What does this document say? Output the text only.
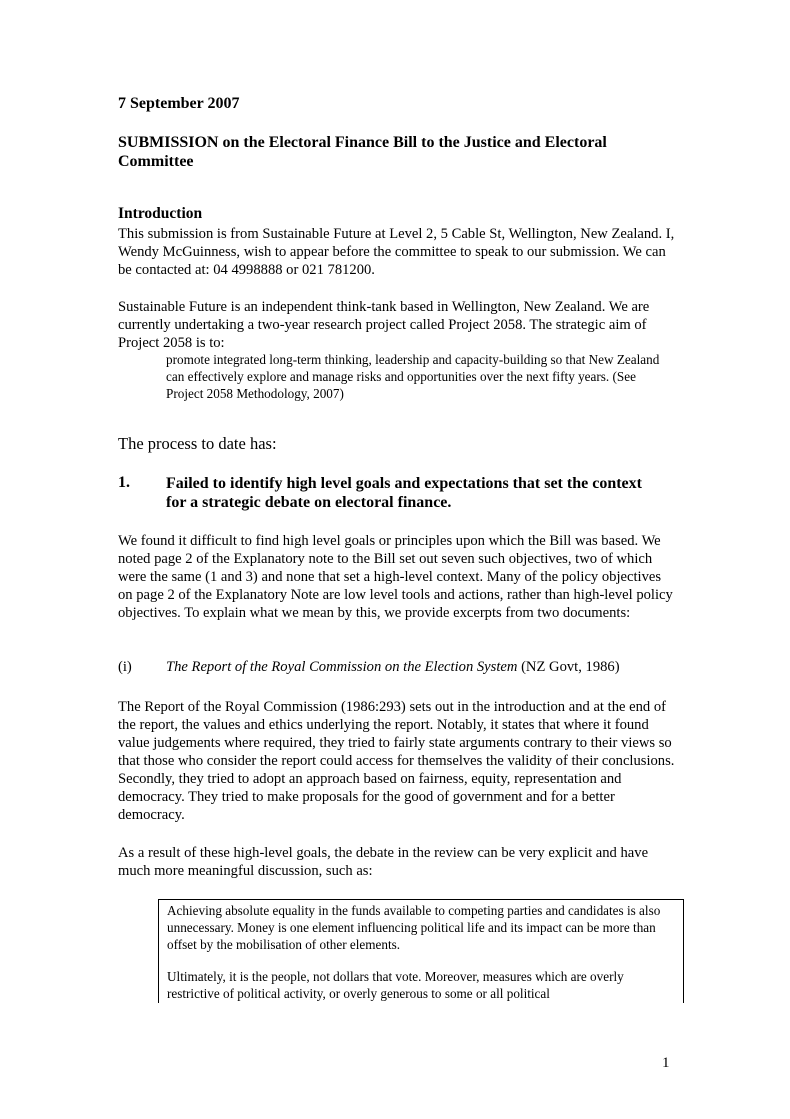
7 September 2007
SUBMISSION on the Electoral Finance Bill to the Justice and Electoral Committee
Introduction
This submission is from Sustainable Future at Level 2, 5 Cable St, Wellington, New Zealand. I, Wendy McGuinness, wish to appear before the committee to speak to our submission. We can be contacted at: 04 4998888 or 021 781200.
Sustainable Future is an independent think-tank based in Wellington, New Zealand. We are currently undertaking a two-year research project called Project 2058. The strategic aim of Project 2058 is to:
promote integrated long-term thinking, leadership and capacity-building so that New Zealand can effectively explore and manage risks and opportunities over the next fifty years. (See Project 2058 Methodology, 2007)
The process to date has:
1. Failed to identify high level goals and expectations that set the context for a strategic debate on electoral finance.
We found it difficult to find high level goals or principles upon which the Bill was based. We noted page 2 of the Explanatory note to the Bill set out seven such objectives, two of which were the same (1 and 3) and none that set a high-level context. Many of the policy objectives on page 2 of the Explanatory Note are low level tools and actions, rather than high-level policy objectives. To explain what we mean by this, we provide excerpts from two documents:
(i) The Report of the Royal Commission on the Election System (NZ Govt, 1986)
The Report of the Royal Commission (1986:293) sets out in the introduction and at the end of the report, the values and ethics underlying the report. Notably, it states that where it found value judgements where required, they tried to fairly state arguments contrary to their views so that those who consider the report could access for themselves the validity of their conclusions. Secondly, they tried to adopt an approach based on fairness, equity, representation and democracy. They tried to make proposals for the good of government and for a better democracy.
As a result of these high-level goals, the debate in the review can be very explicit and have much more meaningful discussion, such as:

Achieving absolute equality in the funds available to competing parties and candidates is also unnecessary. Money is one element influencing political life and its impact can be more than offset by the mobilisation of other elements.

Ultimately, it is the people, not dollars that vote. Moreover, measures which are overly restrictive of political activity, or overly generous to some or all political

1
